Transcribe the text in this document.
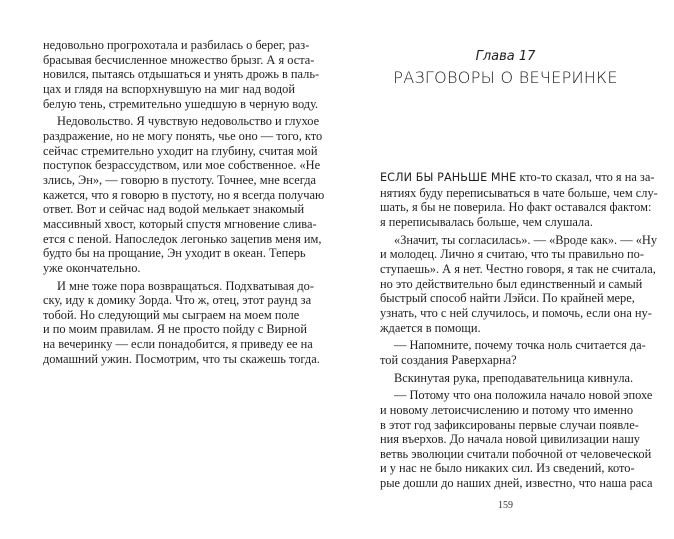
недовольно прогрохотала и разбилась о берег, раз-
брасывая бесчисленное множество брызг. А я оста-
новился, пытаясь отдышаться и унять дрожь в паль-
цах и глядя на вспорхнувшую на миг над водой
белую тень, стремительно ушедшую в черную воду.

Недовольство. Я чувствую недовольство и глухое
раздражение, но не могу понять, чье оно — того, кто
сейчас стремительно уходит на глубину, считая мой
поступок безрассудством, или мое собственное. «Не
злись, Эн», — говорю в пустоту. Точнее, мне всегда
кажется, что я говорю в пустоту, но я всегда получаю
ответ. Вот и сейчас над водой мелькает знакомый
массивный хвост, который спустя мгновение слива-
ется с пеной. Напоследок легонько зацепив меня им,
будто бы на прощание, Эн уходит в океан. Теперь
уже окончательно.

И мне тоже пора возвращаться. Подхватывая до-
ску, иду к домику Зорда. Что ж, отец, этот раунд за
тобой. Но следующий мы сыграем на моем поле
и по моим правилам. Я не просто пойду с Вирной
на вечеринку — если понадобится, я приведу ее на
домашний ужин. Посмотрим, что ты скажешь тогда.

Глава 17
РАЗГОВОРЫ О ВЕЧЕРИНКЕ

ЕСЛИ БЫ РАНЬШЕ МНЕ кто-то сказал, что я на за-
нятиях буду переписываться в чате больше, чем слу-
шать, я бы не поверила. Но факт оставался фактом:
я переписывалась больше, чем слушала.

«Значит, ты согласилась». — «Вроде как». — «Ну
и молодец. Лично я считаю, что ты правильно по-
ступаешь». А я нет. Честно говоря, я так не считала,
но это действительно был единственный и самый
быстрый способ найти Лэйси. По крайней мере,
узнать, что с ней случилось, и помочь, если она ну-
ждается в помощи.

— Напомните, почему точка ноль считается да-
той создания Раверхарна?

Вскинутая рука, преподавательница кивнула.

— Потому что она положила начало новой эпохе
и новому летоисчислению и потому что именно
в этот год зафиксированы первые случаи появле-
ния въерхов. До начала новой цивилизации нашу
ветвь эволюции считали побочной от человеческой
и у нас не было никаких сил. Из сведений, кото-
рые дошли до наших дней, известно, что наша раса

159
